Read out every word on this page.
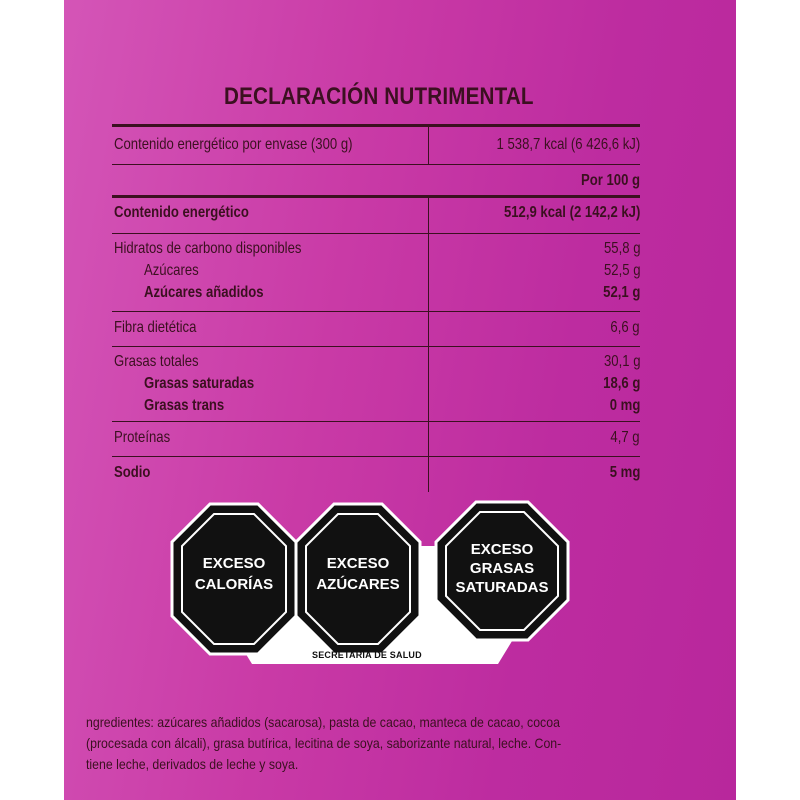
DECLARACIÓN NUTRIMENTAL
Contenido energético por envase (300 g)	1 538,7 kcal (6 426,6 kJ)
Por 100 g
Contenido energético	512,9 kcal (2 142,2 kJ)
Hidratos de carbono disponibles	55,8 g
Azúcares	52,5 g
Azúcares añadidos	52,1 g
Fibra dietética	6,6 g
Grasas totales	30,1 g
Grasas saturadas	18,6 g
Grasas trans	0 mg
Proteínas	4,7 g
Sodio	5 mg
EXCESO
CALORÍAS
EXCESO
AZÚCARES
EXCESO
GRASAS
SATURADAS
SECRETARÍA DE SALUD
ngredientes: azúcares añadidos (sacarosa), pasta de cacao, manteca de cacao, cocoa
(procesada con álcali), grasa butírica, lecitina de soya, saborizante natural, leche. Con-
tiene leche, derivados de leche y soya.
